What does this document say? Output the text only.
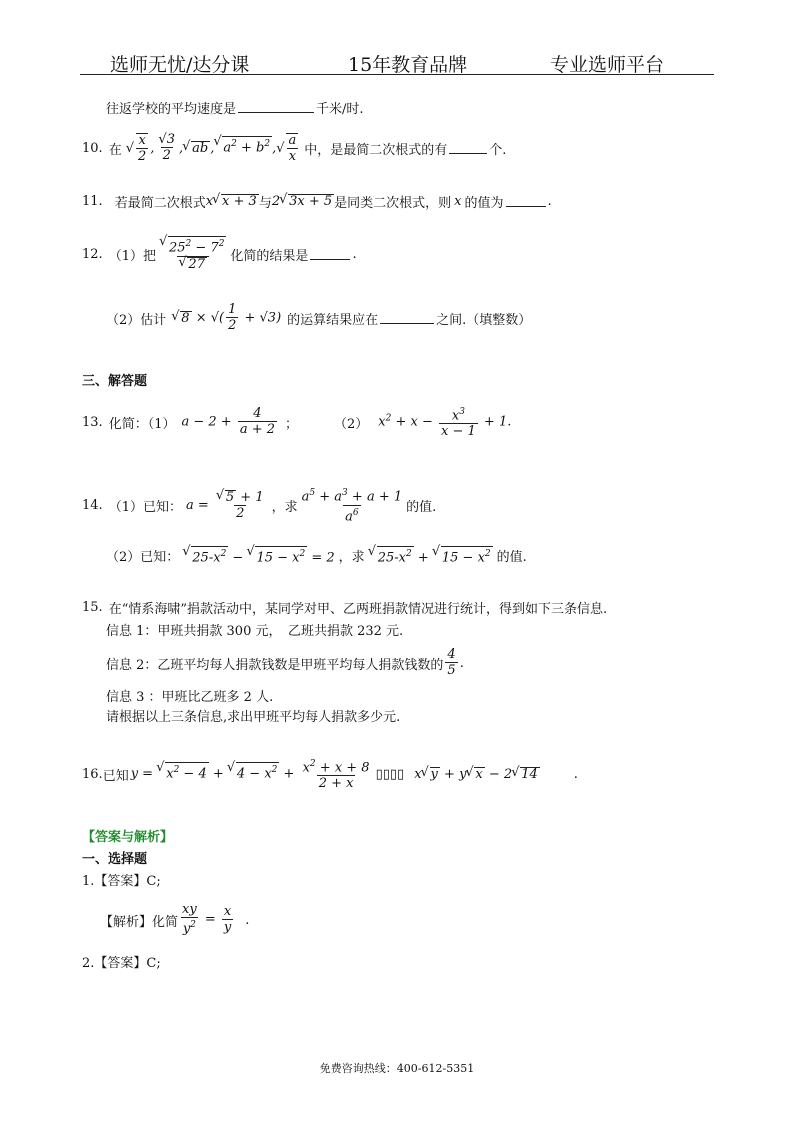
选师无忧/达分课	15年教育品牌	专业选师平台
往返学校的平均速度是	千米/时.
10. 在 √ $\frac{x}{2}$ , $\frac{√3}{2}$ , √ ab , √ $a^2 + b^2$ ,√ $\frac{a}{x}$ 中，是最简二次根式的有	个.
11. 若最简二次根式 x √ x + 3 与 2 √ 3x + 5 是同类二次根式，则 x 的值为	.
12. （1）把 √ $25^2 - 7^2$
√ 27 化简的结果是	.
（2）估计	√ 8 × √( $\frac{1}{2} + √3$) 的运算结果应在	之间.（填整数）
三、解答题
13. 化简：（1） $a - 2 + \frac{4}{a + 2}$ ；	（2） $x^2 + x - \frac{x^3}{x - 1} + 1$.
14. （1）已知： a = √ $\frac{5 + 1}{2}$ ，求 $\frac{a^5 + a^3 + a + 1}{a^6}$ 的值.
（2）已知：	√ $25-x^2$ − √ $15 - x^2 = 2$ ，求	√ $25-x^2$ + √ $15 - x^2$ 的值.
15. 在“情系海啸”捐款活动中，某同学对甲、乙两班捐款情况进行统计，得到如下三条信息.
信息 1：甲班共捐款 300 元，　乙班共捐款 232 元.
信息 2：乙班平均每人捐款钱数是甲班平均每人捐款钱数的 $\frac{4}{5}$ .
信息 3 ：甲班比乙班多 2 人.
请根据以上三条信息,求出甲班平均每人捐款多少元.
16. 已知 y = √ $x^2 - 4$ + √ $4 - x^2 + \frac{x^2 + x + 8}{2 + x}$ ▯▯▯▯ x √ y + y √ x − 2 √ 14	.
【答案与解析】
一、选择题
1.【答案】C;
【解析】化简 $\frac{xy}{y^2} = \frac{x}{y}$ .
2.【答案】C;
免费咨询热线：400-612-5351
